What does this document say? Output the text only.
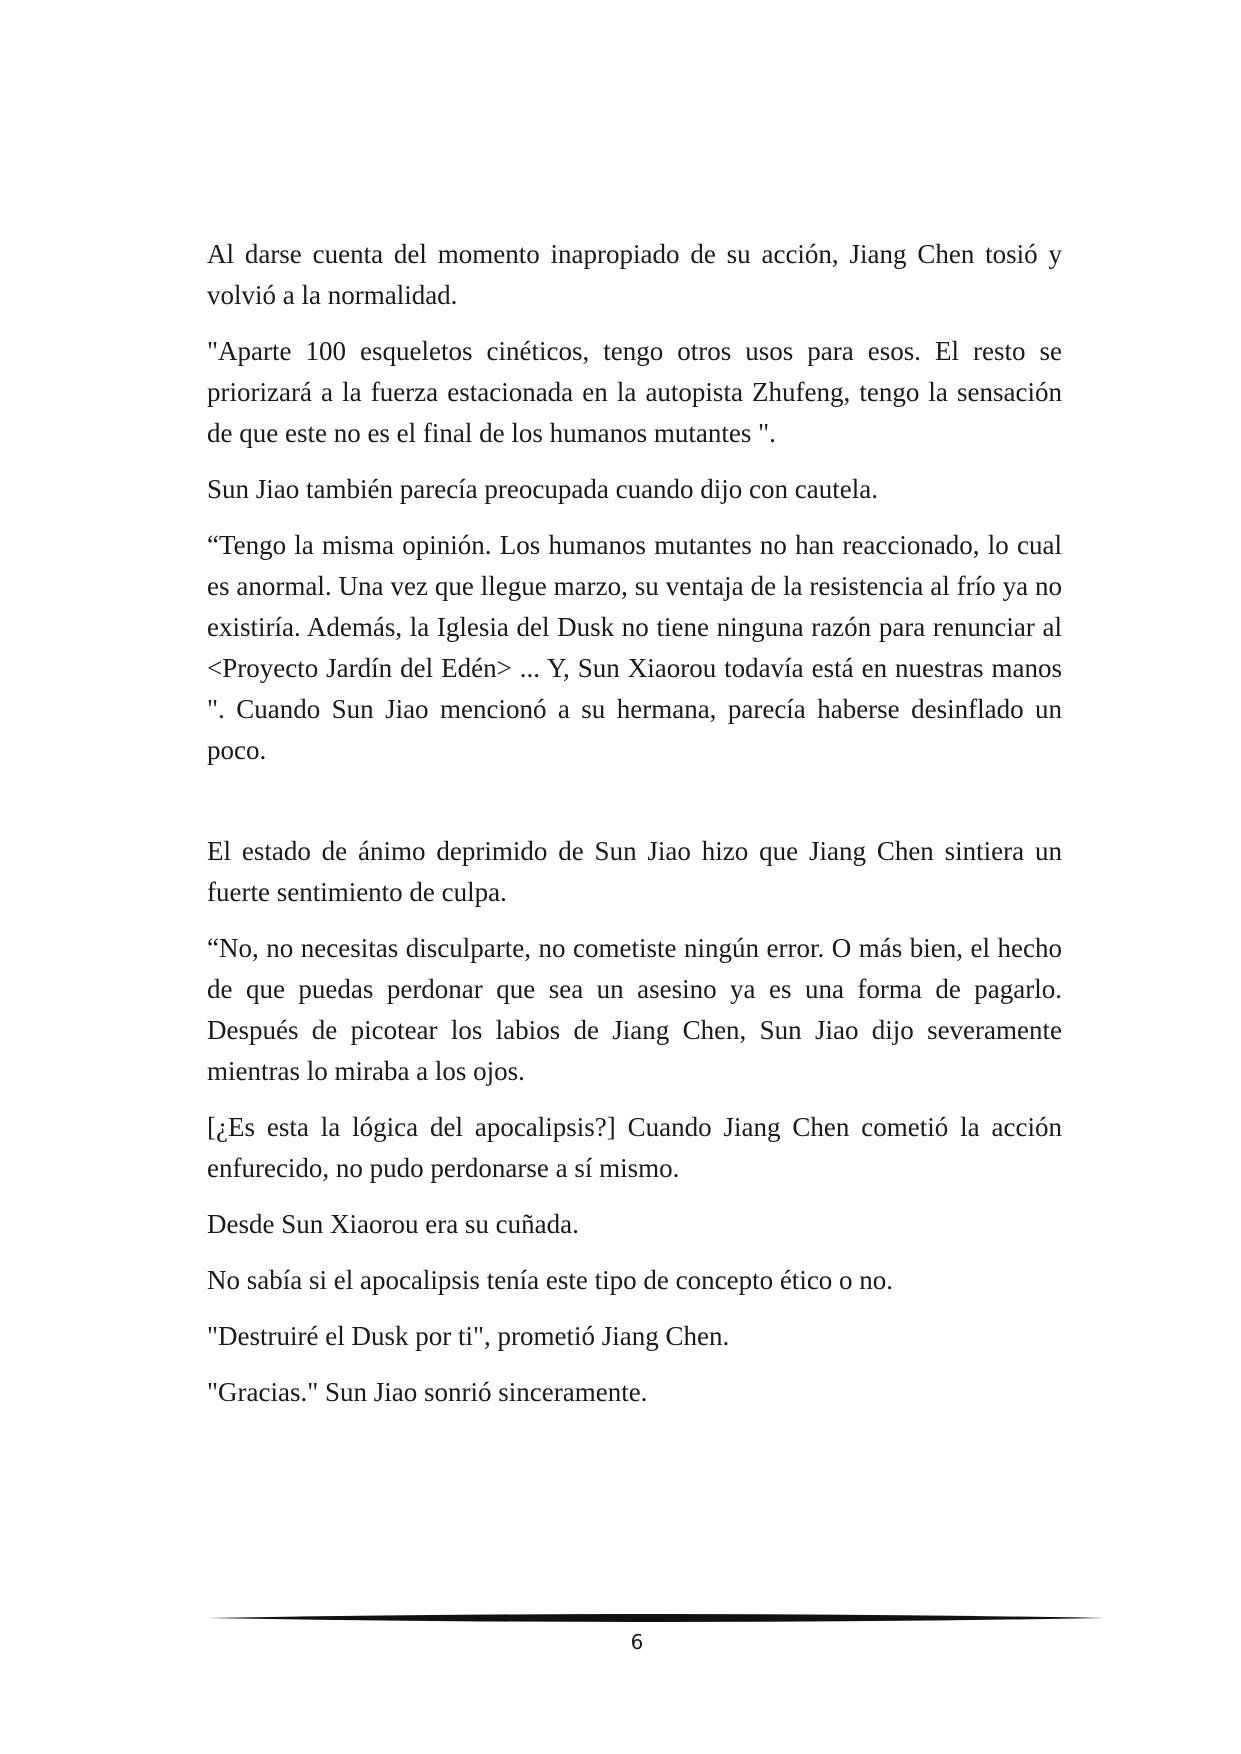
Al darse cuenta del momento inapropiado de su acción, Jiang Chen tosió y volvió a la normalidad.

"Aparte 100 esqueletos cinéticos, tengo otros usos para esos. El resto se priorizará a la fuerza estacionada en la autopista Zhufeng, tengo la sensación de que este no es el final de los humanos mutantes ".

Sun Jiao también parecía preocupada cuando dijo con cautela.

“Tengo la misma opinión. Los humanos mutantes no han reaccionado, lo cual es anormal. Una vez que llegue marzo, su ventaja de la resistencia al frío ya no existiría. Además, la Iglesia del Dusk no tiene ninguna razón para renunciar al <Proyecto Jardín del Edén> ... Y, Sun Xiaorou todavía está en nuestras manos ". Cuando Sun Jiao mencionó a su hermana, parecía haberse desinflado un poco.

El estado de ánimo deprimido de Sun Jiao hizo que Jiang Chen sintiera un fuerte sentimiento de culpa.

“No, no necesitas disculparte, no cometiste ningún error. O más bien, el hecho de que puedas perdonar que sea un asesino ya es una forma de pagarlo. Después de picotear los labios de Jiang Chen, Sun Jiao dijo severamente mientras lo miraba a los ojos.

[¿Es esta la lógica del apocalipsis?] Cuando Jiang Chen cometió la acción enfurecido, no pudo perdonarse a sí mismo.

Desde Sun Xiaorou era su cuñada.

No sabía si el apocalipsis tenía este tipo de concepto ético o no.

"Destruiré el Dusk por ti", prometió Jiang Chen.

"Gracias." Sun Jiao sonrió sinceramente.

6
